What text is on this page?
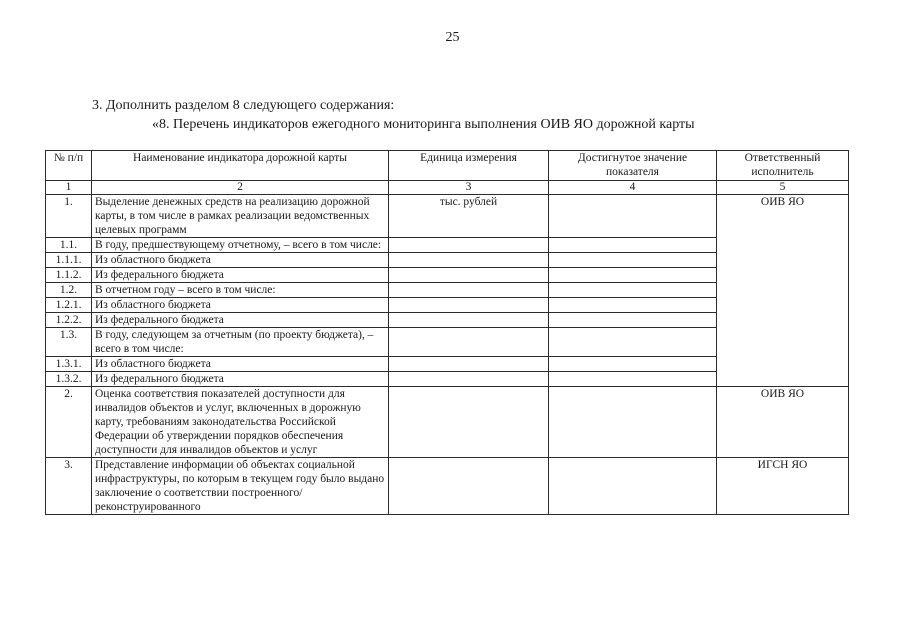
25
3. Дополнить разделом 8 следующего содержания:
«8. Перечень индикаторов ежегодного мониторинга выполнения ОИВ ЯО дорожной карты
№ п/п	Наименование индикатора дорожной карты	Единица измерения	Достигнутое значение показателя	Ответственный исполнитель
1	2	3	4	5
1.	Выделение денежных средств на реализацию дорожной карты, в том числе в рамках реализации ведомственных целевых программ	тыс. рублей		ОИВ ЯО
1.1.	В году, предшествующему отчетному, – всего в том числе:			
1.1.1.	Из областного бюджета			
1.1.2.	Из федерального бюджета			
1.2.	В отчетном году – всего в том числе:			
1.2.1.	Из областного бюджета			
1.2.2.	Из федерального бюджета			
1.3.	В году, следующем за отчетным (по проекту бюджета), – всего в том числе:			
1.3.1.	Из областного бюджета			
1.3.2.	Из федерального бюджета			
2.	Оценка соответствия показателей доступности для инвалидов объектов и услуг, включенных в дорожную карту, требованиям законодательства Российской Федерации об утверждении порядков обеспечения доступности для инвалидов объектов и услуг			ОИВ ЯО
3.	Представление информации об объектах социальной инфраструктуры, по которым в текущем году было выдано заключение о соответствии построенного/ реконструированного			ИГСН ЯО
